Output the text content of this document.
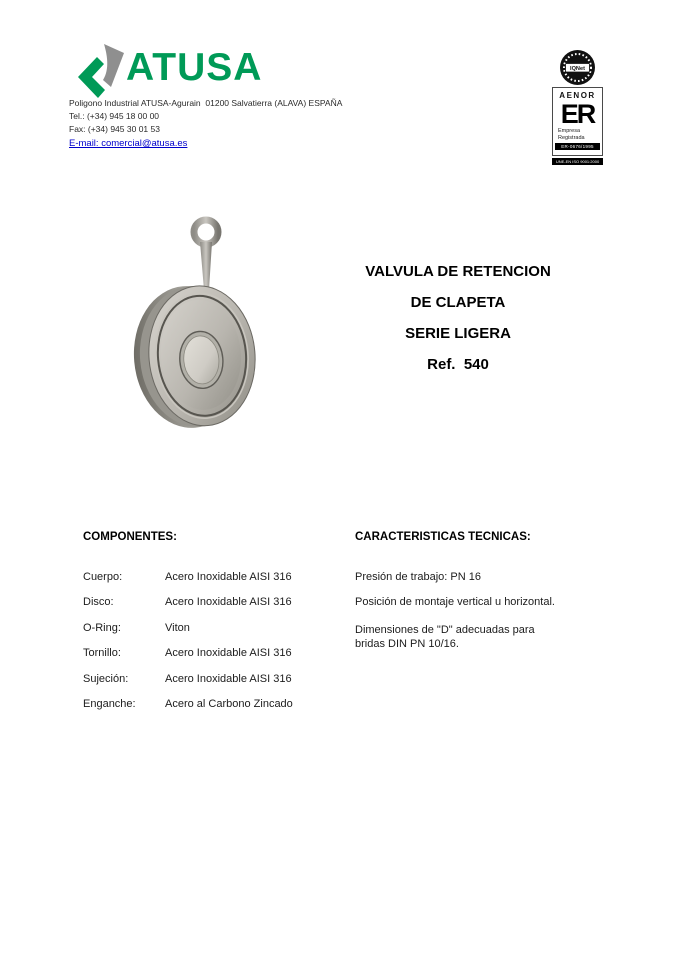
ATUSA
Poligono Industrial ATUSA-Agurain  01200 Salvatierra (ALAVA) ESPAÑA
Tel.: (+34) 945 18 00 00
Fax: (+34) 945 30 01 53
E-mail: comercial@atusa.es
IQNet
AENOR
ER
Empresa
Registrada
ER-0676/1995
UNE-EN ISO 9001:2000
VALVULA DE RETENCION
DE CLAPETA
SERIE LIGERA
Ref.  540
COMPONENTES:
Cuerpo:	Acero Inoxidable AISI 316
Disco:	Acero Inoxidable AISI 316
O-Ring:	Viton
Tornillo:	Acero Inoxidable AISI 316
Sujeción:	Acero Inoxidable AISI 316
Enganche:	Acero al Carbono Zincado
CARACTERISTICAS TECNICAS:
Presión de trabajo: PN 16
Posición de montaje vertical u horizontal.
Dimensiones de "D" adecuadas para
bridas DIN PN 10/16.
